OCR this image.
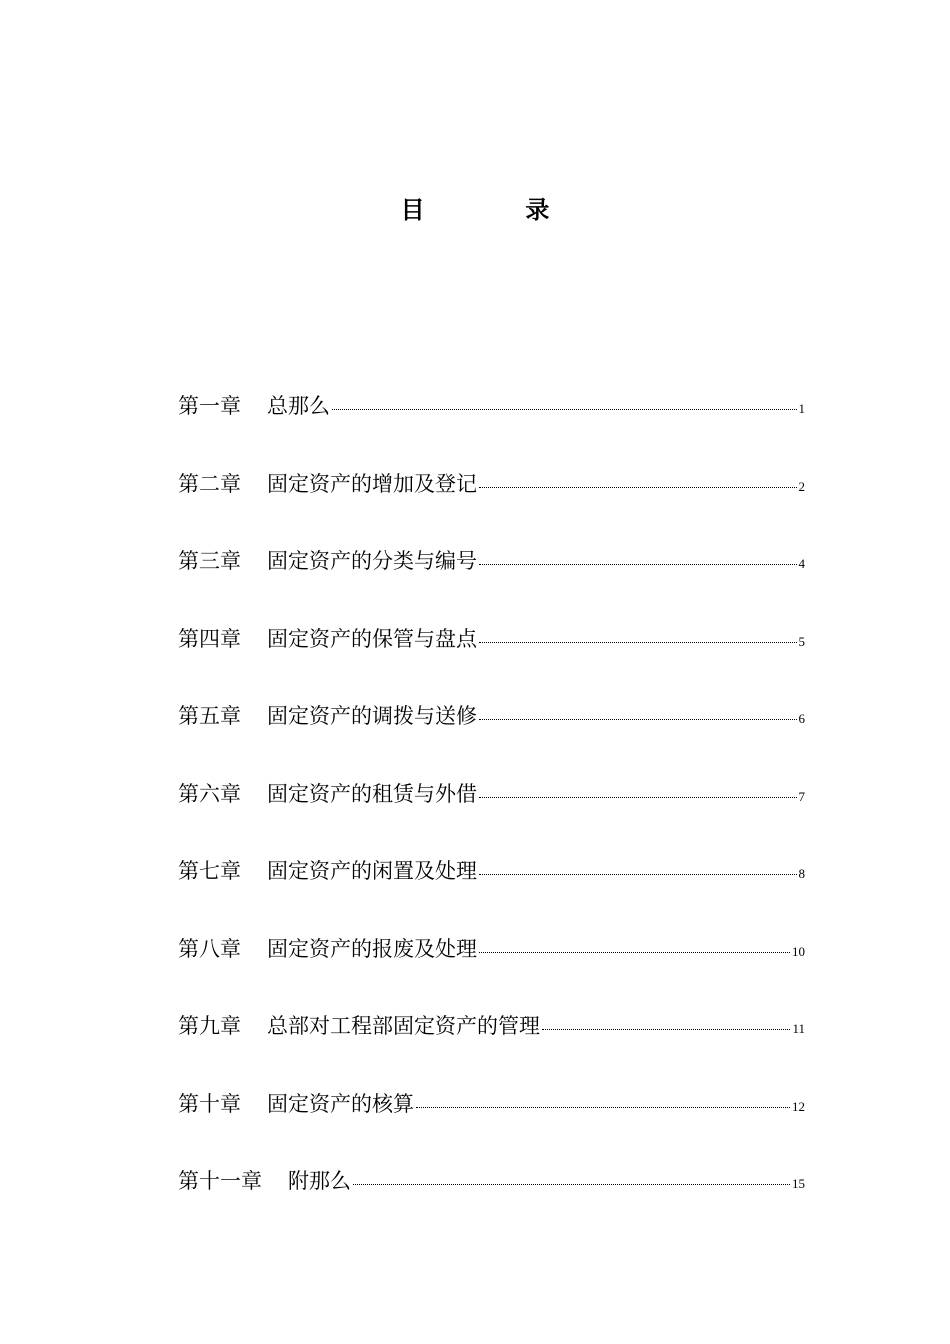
目　录
第一章 总那么	1
第二章 固定资产的增加及登记	2
第三章 固定资产的分类与编号	4
第四章 固定资产的保管与盘点	5
第五章 固定资产的调拨与送修	6
第六章 固定资产的租赁与外借	7
第七章 固定资产的闲置及处理	8
第八章 固定资产的报废及处理	10
第九章 总部对工程部固定资产的管理	11
第十章 固定资产的核算	12
第十一章 附那么	15
